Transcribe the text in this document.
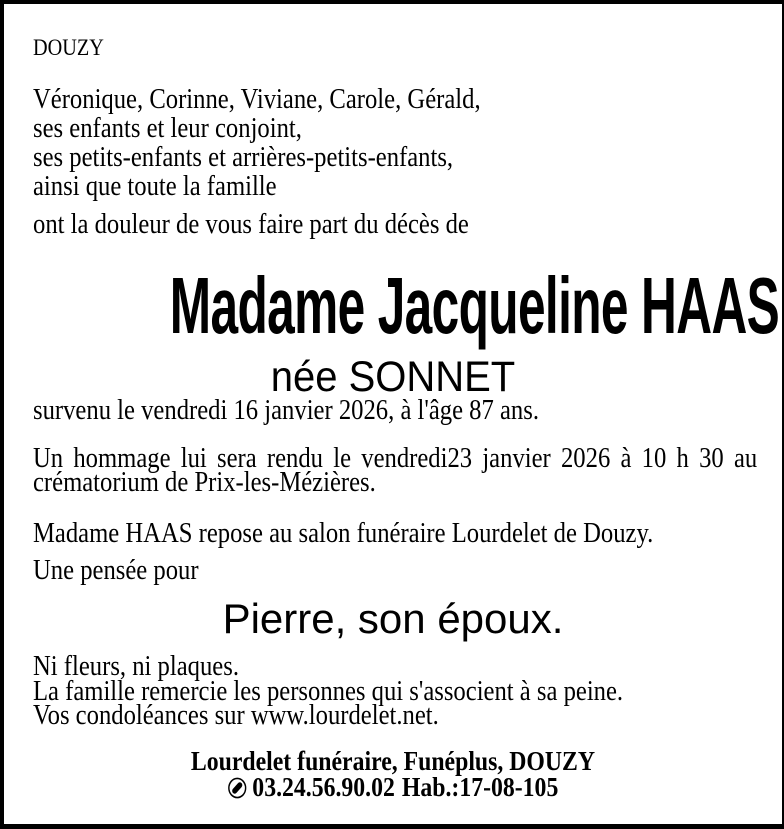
DOUZY
Véronique, Corinne, Viviane, Carole, Gérald,
ses enfants et leur conjoint,
ses petits-enfants et arrières-petits-enfants,
ainsi que toute la famille
ont la douleur de vous faire part du décès de
Madame Jacqueline HAAS
née SONNET
survenu le vendredi 16 janvier 2026, à l'âge 87 ans.
Un hommage lui sera rendu le vendredi23 janvier 2026 à 10 h 30 au
crématorium de Prix-les-Mézières.
Madame HAAS repose au salon funéraire Lourdelet de Douzy.
Une pensée pour
Pierre, son époux.
Ni fleurs, ni plaques.
La famille remercie les personnes qui s'associent à sa peine.
Vos condoléances sur www.lourdelet.net.
Lourdelet funéraire, Funéplus, DOUZY
03.24.56.90.02 Hab.:17-08-105
